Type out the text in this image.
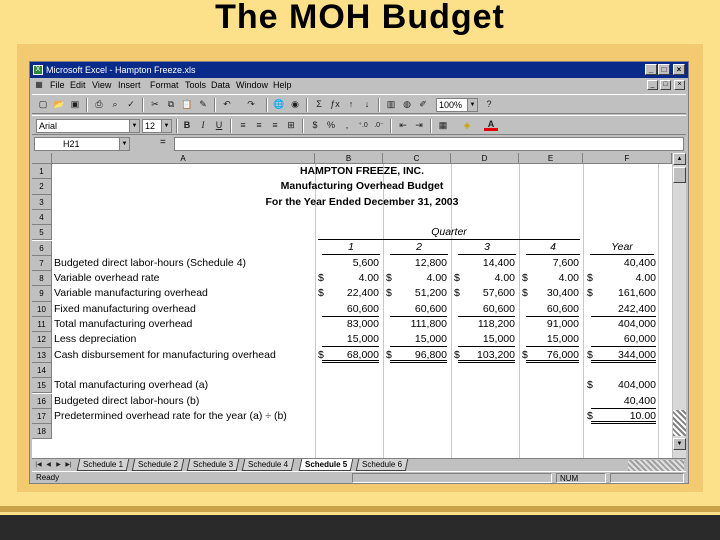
The MOH Budget
X Microsoft Excel - Hampton Freeze.xls	_	□	×
▦ File Edit View Insert Format Tools Data Window Help	_	□	×
▢ 📂 ▣	⎙	⌕	✓	✂	⧉ 📋 ✎	↶	↷	🌐 ◉	Σ ƒx	↑	↓	▥ ◍ ✐	100%	▼	?
Arial	▼ 12	▼	B	I	U	≡	≡	≡	⊞	$	%	,	⁺.0 .0⁻	⇤ ⇥	▦	◈	A
H21	▼	=
A	B	C	D	E	F
1
2
3
4
5
6
7
8
9
10
11
12
13
14
15
16
17
18
HAMPTON FREEZE, INC.
Manufacturing Overhead Budget
For the Year Ended December 31, 2003
Quarter
1	2	3	4	Year
Budgeted direct labor-hours (Schedule 4)	5,600	12,800	14,400	7,600	40,400
Variable overhead rate	4.00
$	4.00
$	4.00
$	4.00
$	4.00
$
Variable manufacturing overhead	22,400
$	51,200
$	57,600
$	30,400
$	161,600
$
Fixed manufacturing overhead	60,600	60,600	60,600	60,600	242,400
Total manufacturing overhead	83,000	111,800	118,200	91,000	404,000
Less depreciation	15,000	15,000	15,000	15,000	60,000
Cash disbursement for manufacturing overhead	68,000
$	96,800
$	103,200
$	76,000
$	344,000
$
Total manufacturing overhead (a)	404,000
$
Budgeted direct labor-hours (b)	40,400
Predetermined overhead rate for the year (a) ÷ (b)	10.00
$
▲
▼
|◀ ◀ ▶ ▶|	Schedule 1	Schedule 2	Schedule 3	Schedule 4	Schedule 5	Schedule 6
Ready	NUM
